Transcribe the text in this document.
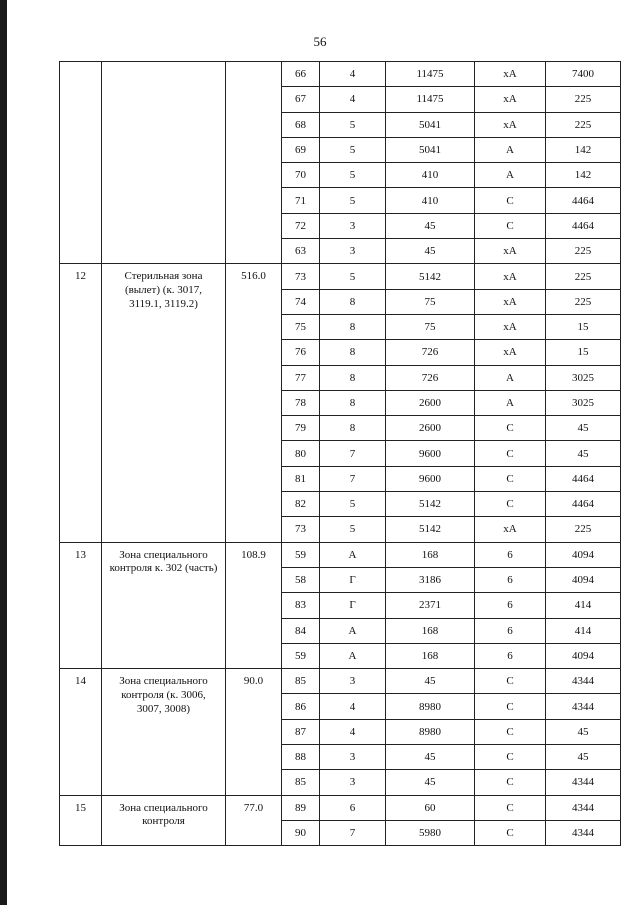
56
			66	4	11475	хА	7400
			67	4	11475	хА	225
			68	5	5041	хА	225
			69	5	5041	А	142
			70	5	410	А	142
			71	5	410	С	4464
			72	3	45	С	4464
			63	3	45	хА	225
12	Стерильная зона (вылет) (к. 3017, 3119.1, 3119.2)	516.0	73	5	5142	хА	225
			74	8	75	хА	225
			75	8	75	хА	15
			76	8	726	хА	15
			77	8	726	А	3025
			78	8	2600	А	3025
			79	8	2600	С	45
			80	7	9600	С	45
			81	7	9600	С	4464
			82	5	5142	С	4464
			73	5	5142	хА	225
13	Зона специального контроля к. 302 (часть)	108.9	59	А	168	6	4094
			58	Г	3186	6	4094
			83	Г	2371	6	414
			84	А	168	6	414
			59	А	168	6	4094
14	Зона специального контроля (к. 3006, 3007, 3008)	90.0	85	3	45	С	4344
			86	4	8980	С	4344
			87	4	8980	С	45
			88	3	45	С	45
			85	3	45	С	4344
15	Зона специального контроля	77.0	89	6	60	С	4344
			90	7	5980	С	4344
